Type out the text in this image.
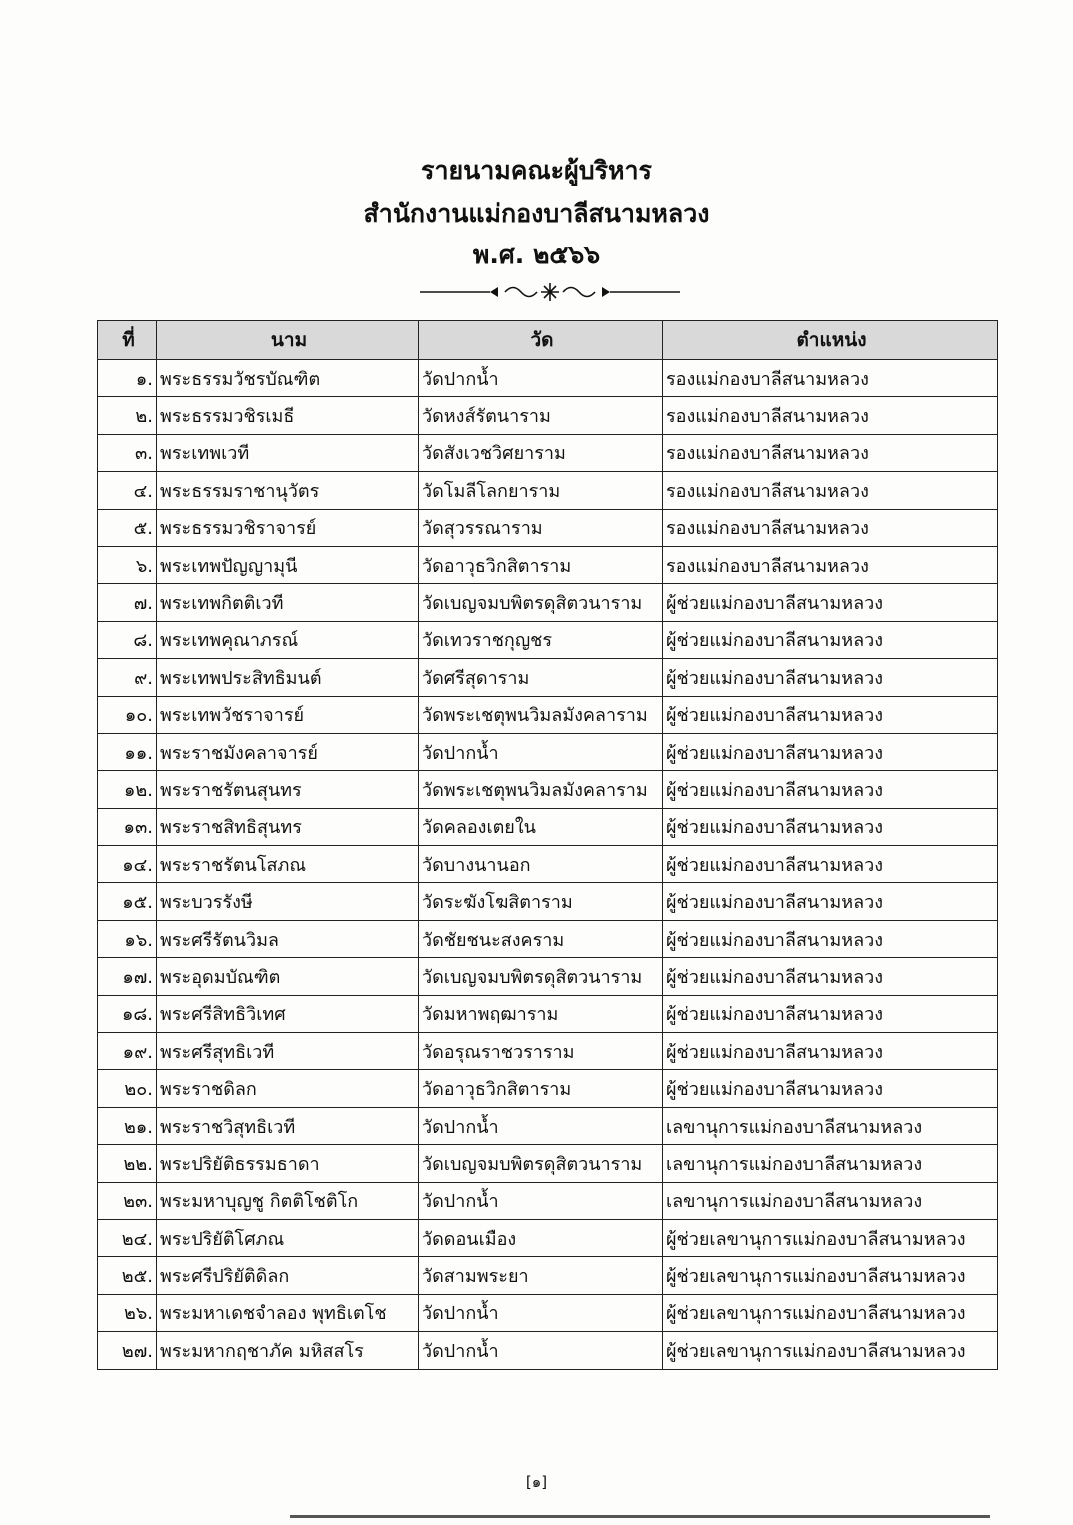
รายนามคณะผู้บริหาร
สำนักงานแม่กองบาลีสนามหลวง
พ.ศ. ๒๕๖๖
ที่	นาม	วัด	ตำแหน่ง
๑.	พระธรรมวัชรบัณฑิต	วัดปากน้ำ	รองแม่กองบาลีสนามหลวง
๒.	พระธรรมวชิรเมธี	วัดหงส์รัตนาราม	รองแม่กองบาลีสนามหลวง
๓.	พระเทพเวที	วัดสังเวชวิศยาราม	รองแม่กองบาลีสนามหลวง
๔.	พระธรรมราชานุวัตร	วัดโมลีโลกยาราม	รองแม่กองบาลีสนามหลวง
๕.	พระธรรมวชิราจารย์	วัดสุวรรณาราม	รองแม่กองบาลีสนามหลวง
๖.	พระเทพปัญญามุนี	วัดอาวุธวิกสิตาราม	รองแม่กองบาลีสนามหลวง
๗.	พระเทพกิตติเวที	วัดเบญจมบพิตรดุสิตวนาราม	ผู้ช่วยแม่กองบาลีสนามหลวง
๘.	พระเทพคุณาภรณ์	วัดเทวราชกุญชร	ผู้ช่วยแม่กองบาลีสนามหลวง
๙.	พระเทพประสิทธิมนต์	วัดศรีสุดาราม	ผู้ช่วยแม่กองบาลีสนามหลวง
๑๐.	พระเทพวัชราจารย์	วัดพระเชตุพนวิมลมังคลาราม	ผู้ช่วยแม่กองบาลีสนามหลวง
๑๑.	พระราชมังคลาจารย์	วัดปากน้ำ	ผู้ช่วยแม่กองบาลีสนามหลวง
๑๒.	พระราชรัตนสุนทร	วัดพระเชตุพนวิมลมังคลาราม	ผู้ช่วยแม่กองบาลีสนามหลวง
๑๓.	พระราชสิทธิสุนทร	วัดคลองเตยใน	ผู้ช่วยแม่กองบาลีสนามหลวง
๑๔.	พระราชรัตนโสภณ	วัดบางนานอก	ผู้ช่วยแม่กองบาลีสนามหลวง
๑๕.	พระบวรรังษี	วัดระฆังโฆสิตาราม	ผู้ช่วยแม่กองบาลีสนามหลวง
๑๖.	พระศรีรัตนวิมล	วัดชัยชนะสงคราม	ผู้ช่วยแม่กองบาลีสนามหลวง
๑๗.	พระอุดมบัณฑิต	วัดเบญจมบพิตรดุสิตวนาราม	ผู้ช่วยแม่กองบาลีสนามหลวง
๑๘.	พระศรีสิทธิวิเทศ	วัดมหาพฤฒาราม	ผู้ช่วยแม่กองบาลีสนามหลวง
๑๙.	พระศรีสุทธิเวที	วัดอรุณราชวราราม	ผู้ช่วยแม่กองบาลีสนามหลวง
๒๐.	พระราชดิลก	วัดอาวุธวิกสิตาราม	ผู้ช่วยแม่กองบาลีสนามหลวง
๒๑.	พระราชวิสุทธิเวที	วัดปากน้ำ	เลขานุการแม่กองบาลีสนามหลวง
๒๒.	พระปริยัติธรรมธาดา	วัดเบญจมบพิตรดุสิตวนาราม	เลขานุการแม่กองบาลีสนามหลวง
๒๓.	พระมหาบุญชู กิตติโชติโก	วัดปากน้ำ	เลขานุการแม่กองบาลีสนามหลวง
๒๔.	พระปริยัติโศภณ	วัดดอนเมือง	ผู้ช่วยเลขานุการแม่กองบาลีสนามหลวง
๒๕.	พระศรีปริยัติดิลก	วัดสามพระยา	ผู้ช่วยเลขานุการแม่กองบาลีสนามหลวง
๒๖.	พระมหาเดชจำลอง พุทธิเตโช	วัดปากน้ำ	ผู้ช่วยเลขานุการแม่กองบาลีสนามหลวง
๒๗.	พระมหากฤชาภัค มหิสสโร	วัดปากน้ำ	ผู้ช่วยเลขานุการแม่กองบาลีสนามหลวง
[๑]
